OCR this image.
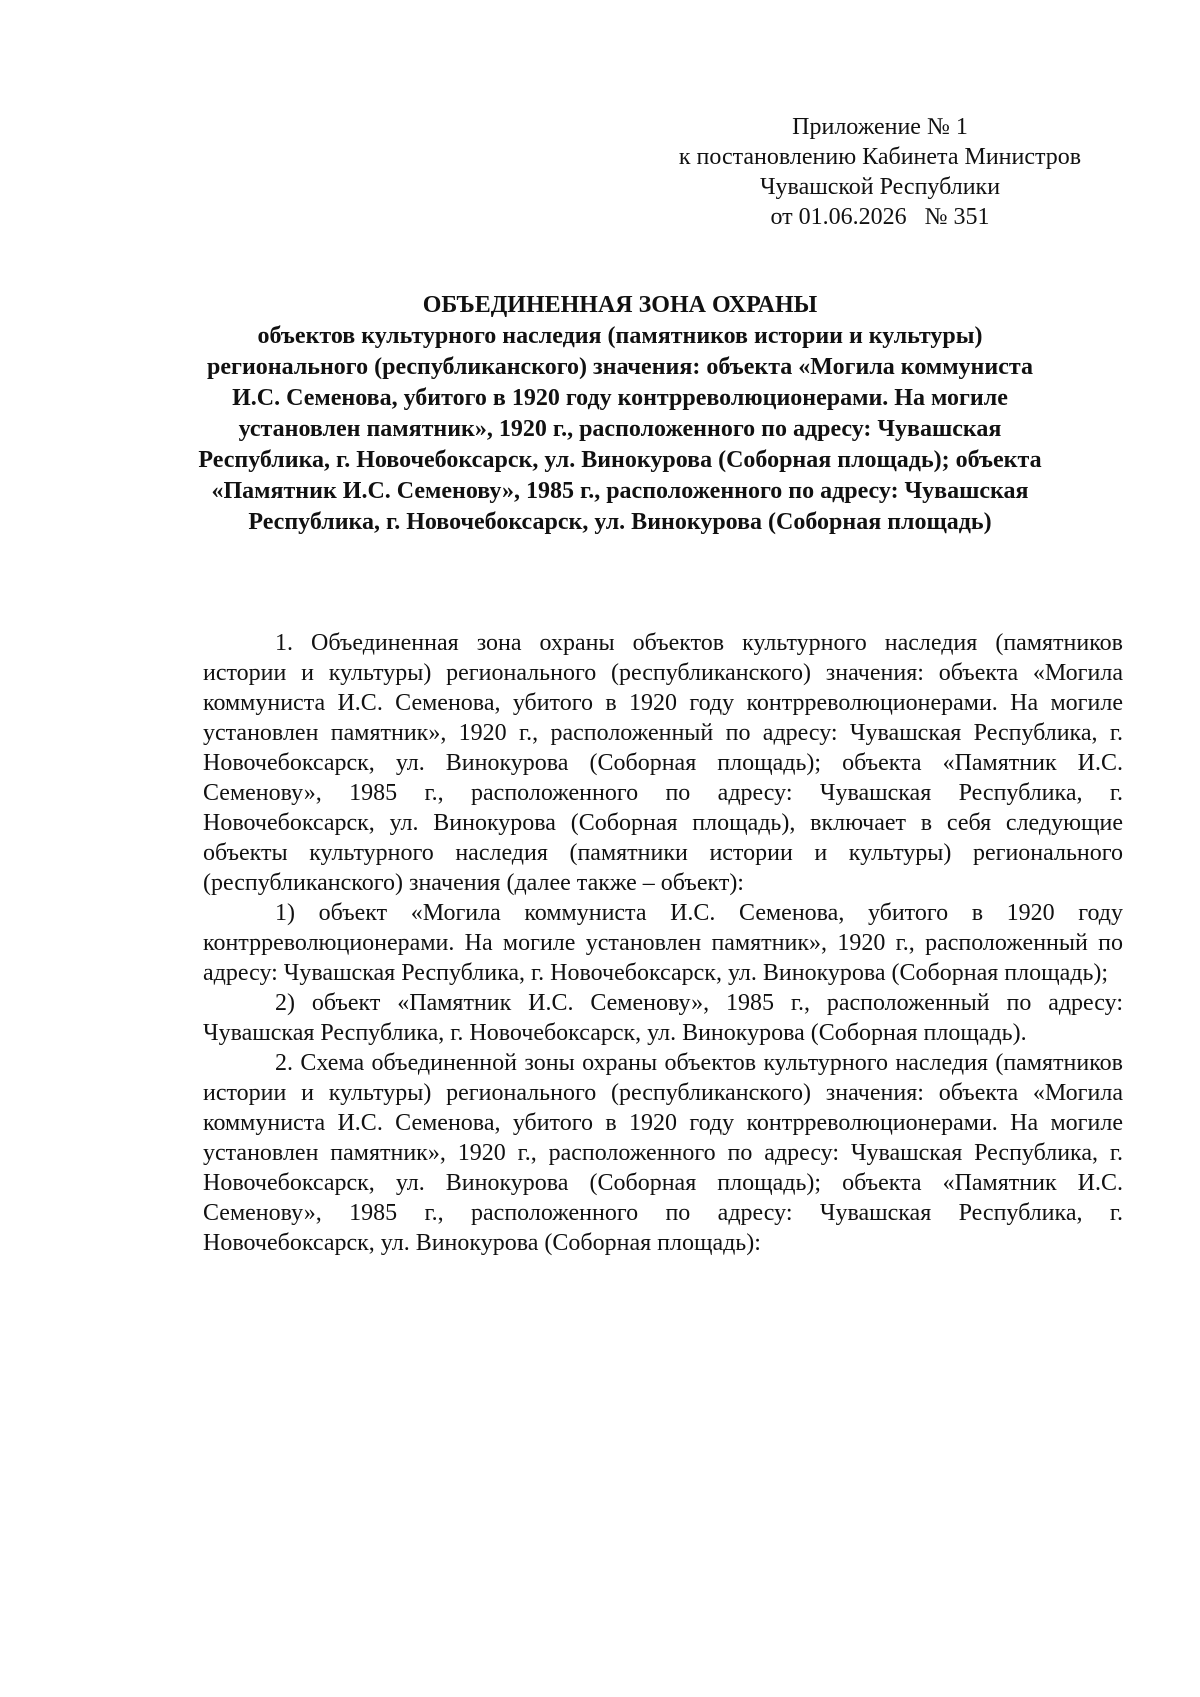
Приложение № 1
к постановлению Кабинета Министров
Чувашской Республики
от 01.06.2026   № 351
ОБЪЕДИНЕННАЯ ЗОНА ОХРАНЫ
объектов культурного наследия (памятников истории и культуры) регионального (республиканского) значения: объекта «Могила коммуниста И.С. Семенова, убитого в 1920 году контрреволюционерами. На могиле установлен памятник», 1920 г., расположенного по адресу: Чувашская Республика, г. Новочебоксарск, ул. Винокурова (Соборная площадь); объекта «Памятник И.С. Семенову», 1985 г., расположенного по адресу: Чувашская Республика, г. Новочебоксарск, ул. Винокурова (Соборная площадь)

1. Объединенная зона охраны объектов культурного наследия (памятников истории и культуры) регионального (республиканского) значения: объекта «Могила коммуниста И.С. Семенова, убитого в 1920 году контрреволюционерами. На могиле установлен памятник», 1920 г., расположенный по адресу: Чувашская Республика, г. Новочебоксарск, ул. Винокурова (Соборная площадь); объекта «Памятник И.С. Семенову», 1985 г., расположенного по адресу: Чувашская Республика, г. Новочебоксарск, ул. Винокурова (Соборная площадь), включает в себя следующие объекты культурного наследия (памятники истории и культуры) регионального (республиканского) значения (далее также – объект):

1) объект «Могила коммуниста И.С. Семенова, убитого в 1920 году контрреволюционерами. На могиле установлен памятник», 1920 г., расположенный по адресу: Чувашская Республика, г. Новочебоксарск, ул. Винокурова (Соборная площадь);

2) объект «Памятник И.С. Семенову», 1985 г., расположенный по адресу: Чувашская Республика, г. Новочебоксарск, ул. Винокурова (Соборная площадь).

2. Схема объединенной зоны охраны объектов культурного наследия (памятников истории и культуры) регионального (республиканского) значения: объекта «Могила коммуниста И.С. Семенова, убитого в 1920 году контрреволюционерами. На могиле установлен памятник», 1920 г., расположенного по адресу: Чувашская Республика, г. Новочебоксарск, ул. Винокурова (Соборная площадь); объекта «Памятник И.С. Семенову», 1985 г., расположенного по адресу: Чувашская Республика, г. Новочебоксарск, ул. Винокурова (Соборная площадь):
